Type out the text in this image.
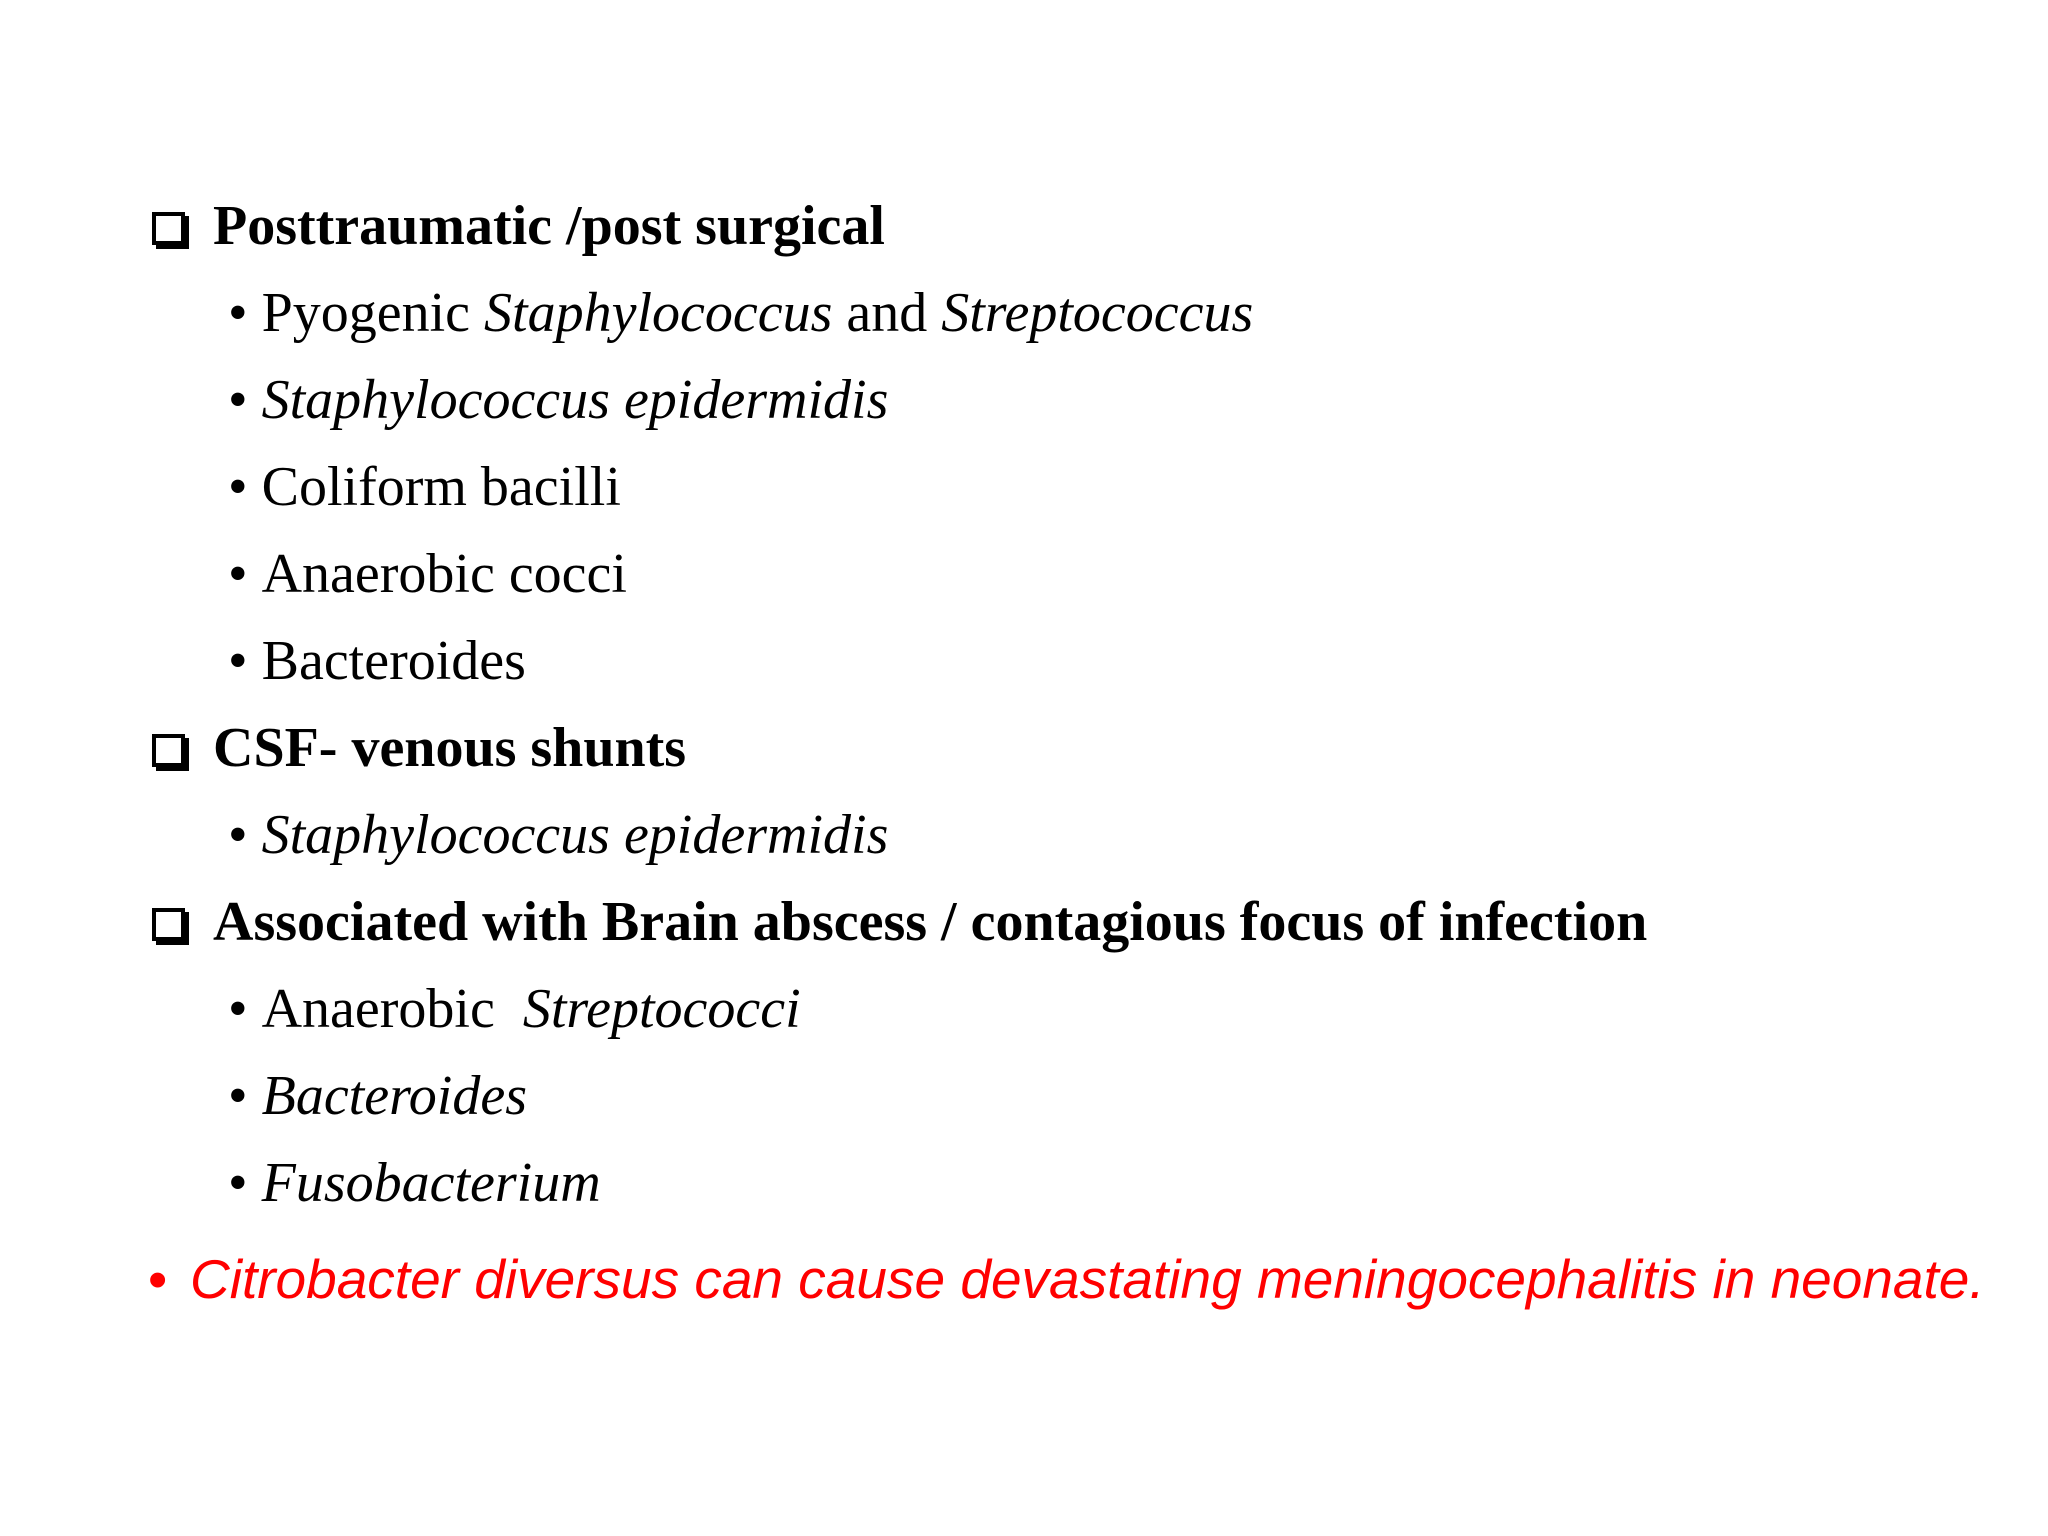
Posttraumatic /post surgical
• Pyogenic Staphylococcus and Streptococcus
• Staphylococcus epidermidis
• Coliform bacilli
• Anaerobic cocci
• Bacteroides
CSF- venous shunts
• Staphylococcus epidermidis
Associated with Brain abscess / contagious focus of infection
• Anaerobic  Streptococci
• Bacteroides
• Fusobacterium
• Citrobacter diversus can cause devastating meningocephalitis in neonate.
